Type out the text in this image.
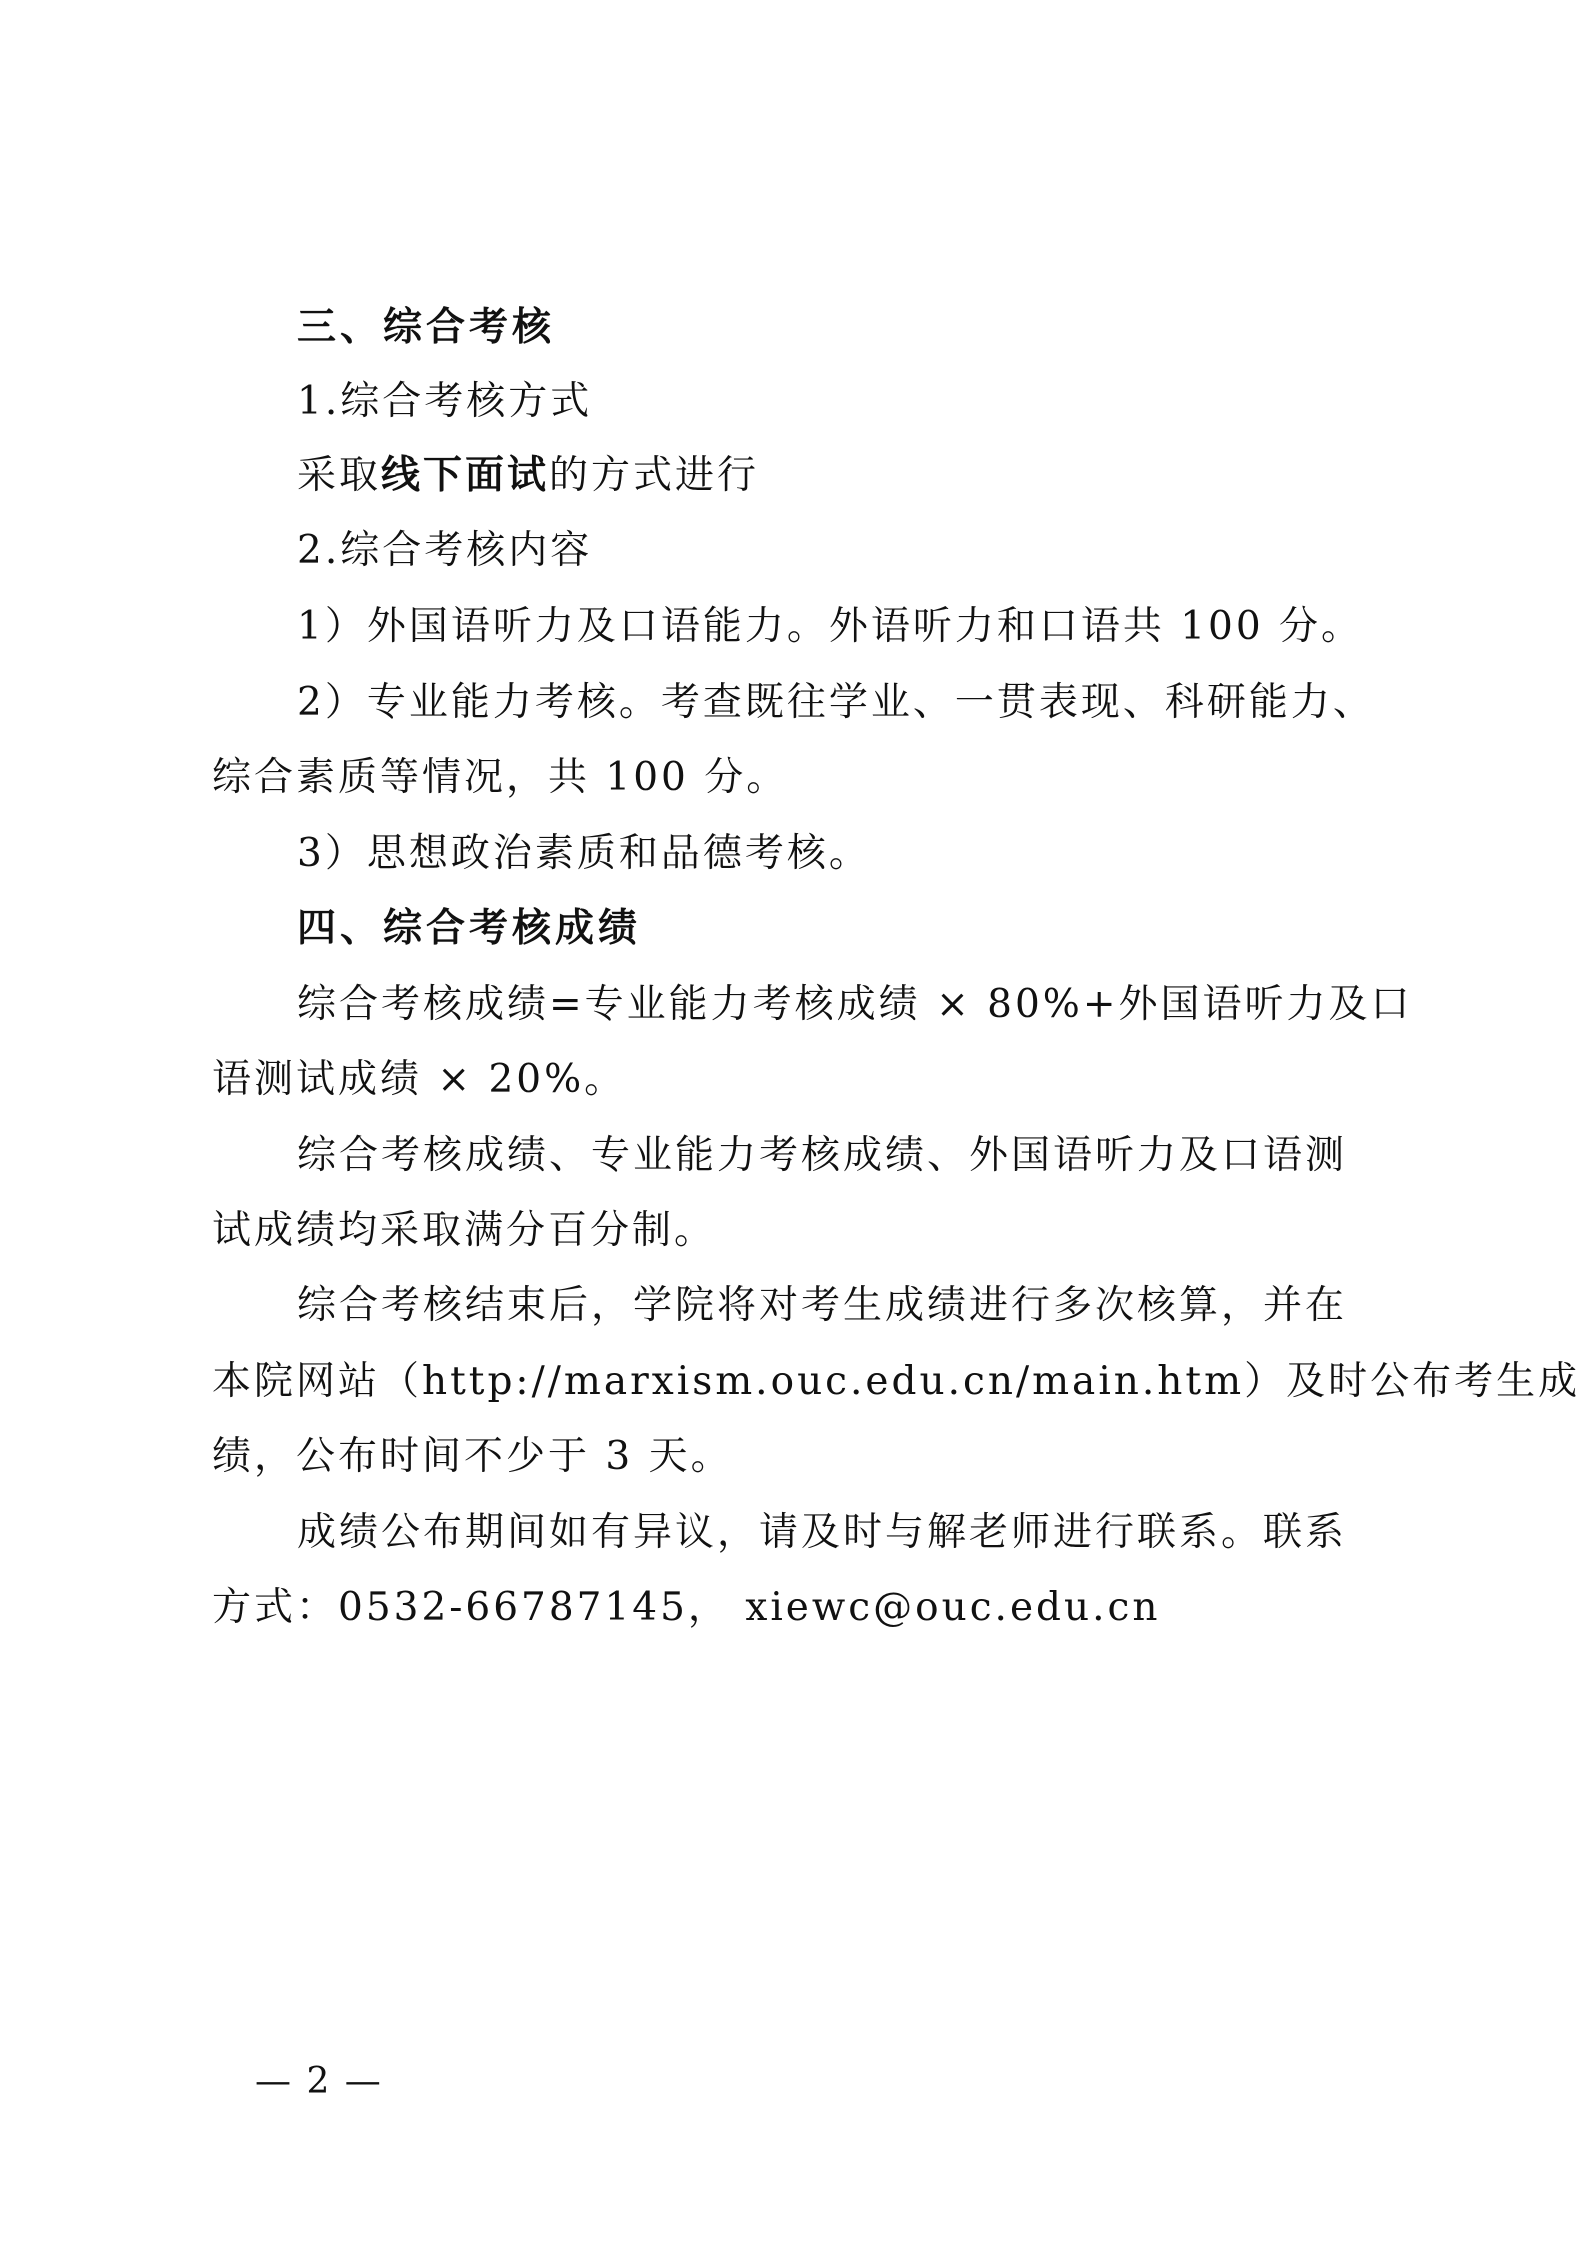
三、综合考核
1.综合考核方式
采取线下面试的方式进行
2.综合考核内容
1）外国语听力及口语能力。外语听力和口语共 100 分。
2）专业能力考核。考查既往学业、一贯表现、科研能力、
综合素质等情况，共 100 分。
3）思想政治素质和品德考核。
四、综合考核成绩
综合考核成绩=专业能力考核成绩 × 80%+外国语听力及口
语测试成绩 × 20%。
综合考核成绩、专业能力考核成绩、外国语听力及口语测
试成绩均采取满分百分制。
综合考核结束后，学院将对考生成绩进行多次核算，并在
本院网站（http://marxism.ouc.edu.cn/main.htm）及时公布考生成
绩，公布时间不少于 3 天。
成绩公布期间如有异议，请及时与解老师进行联系。联系
方式：0532-66787145， xiewc@ouc.edu.cn
— 2 —
